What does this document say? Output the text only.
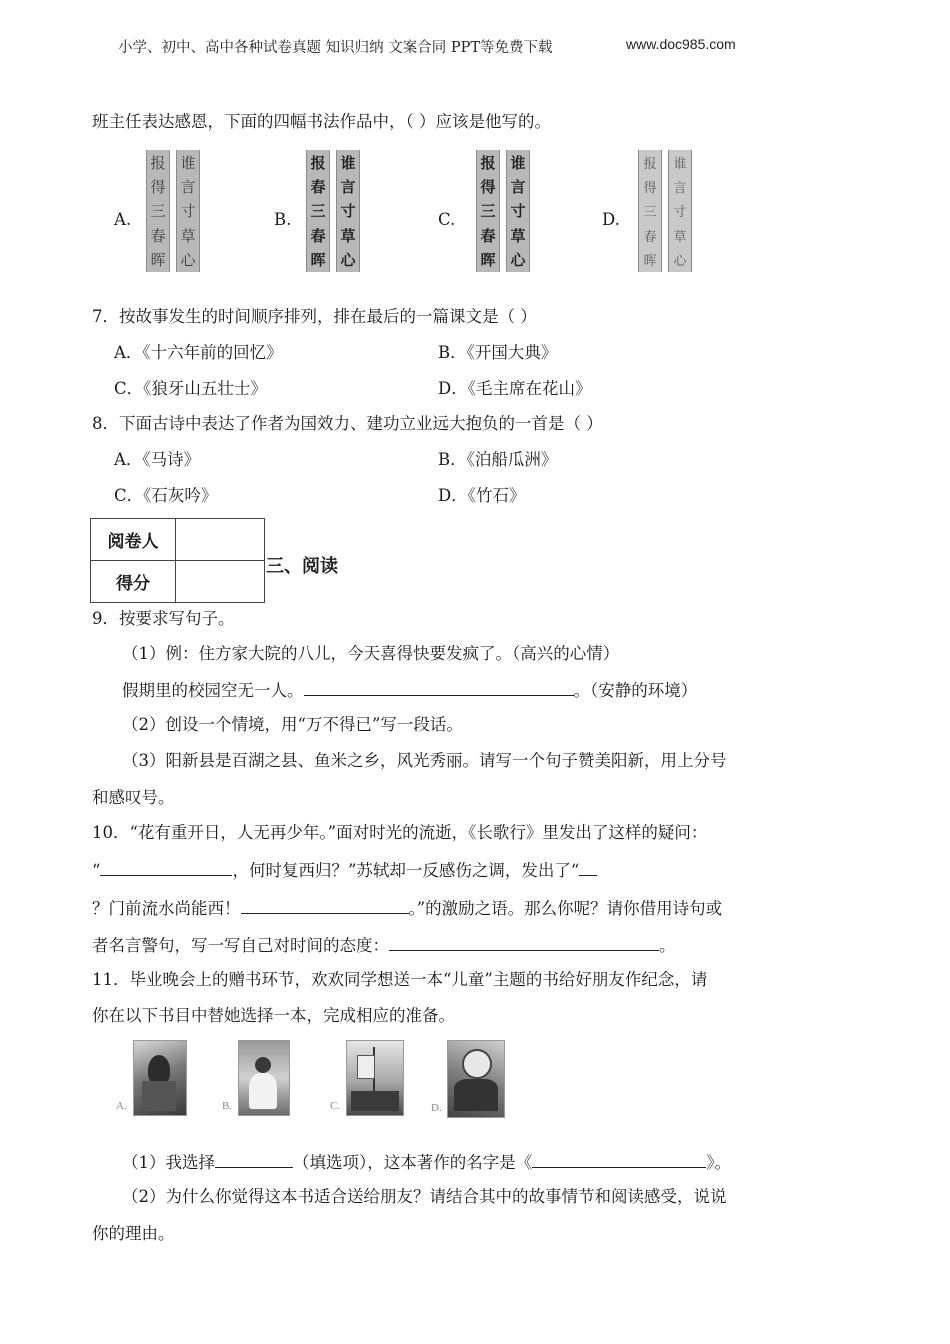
小学、初中、高中各种试卷真题 知识归纳 文案合同 PPT等免费下载	www.doc985.com
班主任表达感恩，下面的四幅书法作品中，（ ）应该是他写的。
A.
报
得
三
春
晖
谁
言
寸
草
心
B.
报
春
三
春
晖
谁
言
寸
草
心
C.
报
得
三
春
晖
谁
言
寸
草
心
D.
报
得
三
春
晖
谁
言
寸
草
心
7．按故事发生的时间顺序排列，排在最后的一篇课文是（ ）
A．《十六年前的回忆》	B．《开国大典》
C．《狼牙山五壮士》	D．《毛主席在花山》
8．下面古诗中表达了作者为国效力、建功立业远大抱负的一首是（ ）
A．《马诗》	B．《泊船瓜洲》
C．《石灰吟》	D．《竹石》
阅卷人	
得分	
三、阅读
9．按要求写句子。
（1）例：住方家大院的八儿，今天喜得快要发疯了。（高兴的心情）
假期里的校园空无一人。	。（安静的环境）
（2）创设一个情境，用“万不得已”写一段话。
（3）阳新县是百湖之县、鱼米之乡，风光秀丽。请写一个句子赞美阳新，用上分号
和感叹号。
10．“花有重开日，人无再少年。”面对时光的流逝，《长歌行》里发出了这样的疑问：
“	，何时复西归？”苏轼却一反感伤之调，发出了“
？门前流水尚能西！	。”的激励之语。那么你呢？请你借用诗句或
者名言警句，写一写自己对时间的态度：	。
11．毕业晚会上的赠书环节，欢欢同学想送一本“儿童”主题的书给好朋友作纪念，请
你在以下书目中替她选择一本，完成相应的准备。
A.	B.	C.	D.
（1）我选择	（填选项），这本著作的名字是《	》。
（2）为什么你觉得这本书适合送给朋友？请结合其中的故事情节和阅读感受，说说
你的理由。
